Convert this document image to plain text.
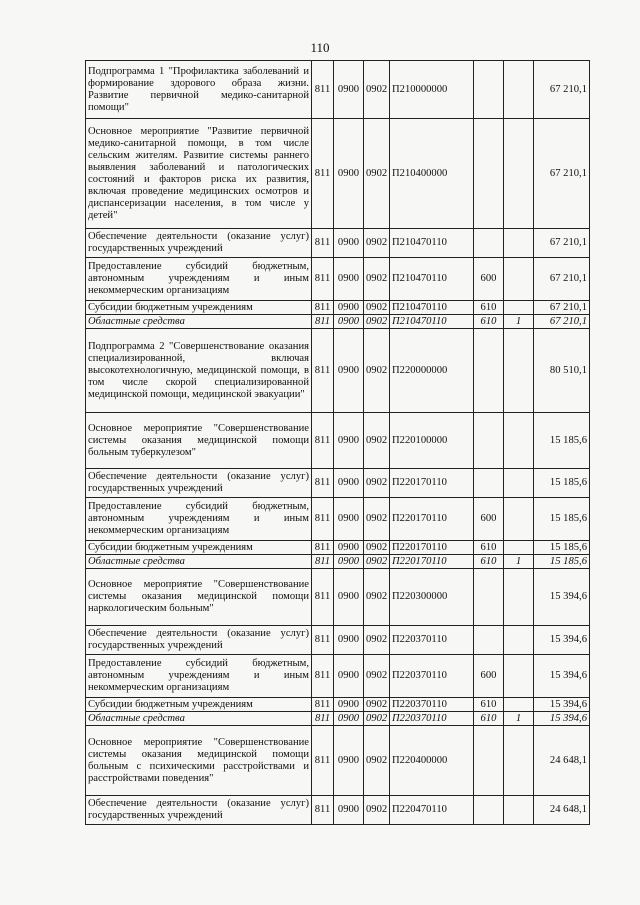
110
Подпрограмма 1 "Профилактика заболеваний и формирование здорового образа жизни. Развитие первичной медико-санитарной помощи"	811	0900	0902	П210000000			67 210,1
Основное мероприятие "Развитие первичной медико-санитарной помощи, в том числе сельским жителям. Развитие системы раннего выявления заболеваний и патологических состояний и факторов риска их развития, включая проведение медицинских осмотров и диспансеризации населения, в том числе у детей"	811	0900	0902	П210400000			67 210,1
Обеспечение деятельности (оказание услуг) государственных учреждений	811	0900	0902	П210470110			67 210,1
Предоставление субсидий бюджетным, автономным учреждениям и иным некоммерческим организациям	811	0900	0902	П210470110	600		67 210,1
Субсидии бюджетным учреждениям	811	0900	0902	П210470110	610		67 210,1
Областные средства	811	0900	0902	П210470110	610	1	67 210,1
Подпрограмма 2 "Совершенствование оказания специализированной, включая высокотехнологичную, медицинской помощи, в том числе скорой специализированной медицинской помощи, медицинской эвакуации"	811	0900	0902	П220000000			80 510,1
Основное мероприятие "Совершенствование системы оказания медицинской помощи больным туберкулезом"	811	0900	0902	П220100000			15 185,6
Обеспечение деятельности (оказание услуг) государственных учреждений	811	0900	0902	П220170110			15 185,6
Предоставление субсидий бюджетным, автономным учреждениям и иным некоммерческим организациям	811	0900	0902	П220170110	600		15 185,6
Субсидии бюджетным учреждениям	811	0900	0902	П220170110	610		15 185,6
Областные средства	811	0900	0902	П220170110	610	1	15 185,6
Основное мероприятие "Совершенствование системы оказания медицинской помощи наркологическим больным"	811	0900	0902	П220300000			15 394,6
Обеспечение деятельности (оказание услуг) государственных учреждений	811	0900	0902	П220370110			15 394,6
Предоставление субсидий бюджетным, автономным учреждениям и иным некоммерческим организациям	811	0900	0902	П220370110	600		15 394,6
Субсидии бюджетным учреждениям	811	0900	0902	П220370110	610		15 394,6
Областные средства	811	0900	0902	П220370110	610	1	15 394,6
Основное мероприятие "Совершенствование системы оказания медицинской помощи больным с психическими расстройствами и расстройствами поведения"	811	0900	0902	П220400000			24 648,1
Обеспечение деятельности (оказание услуг) государственных учреждений	811	0900	0902	П220470110			24 648,1
